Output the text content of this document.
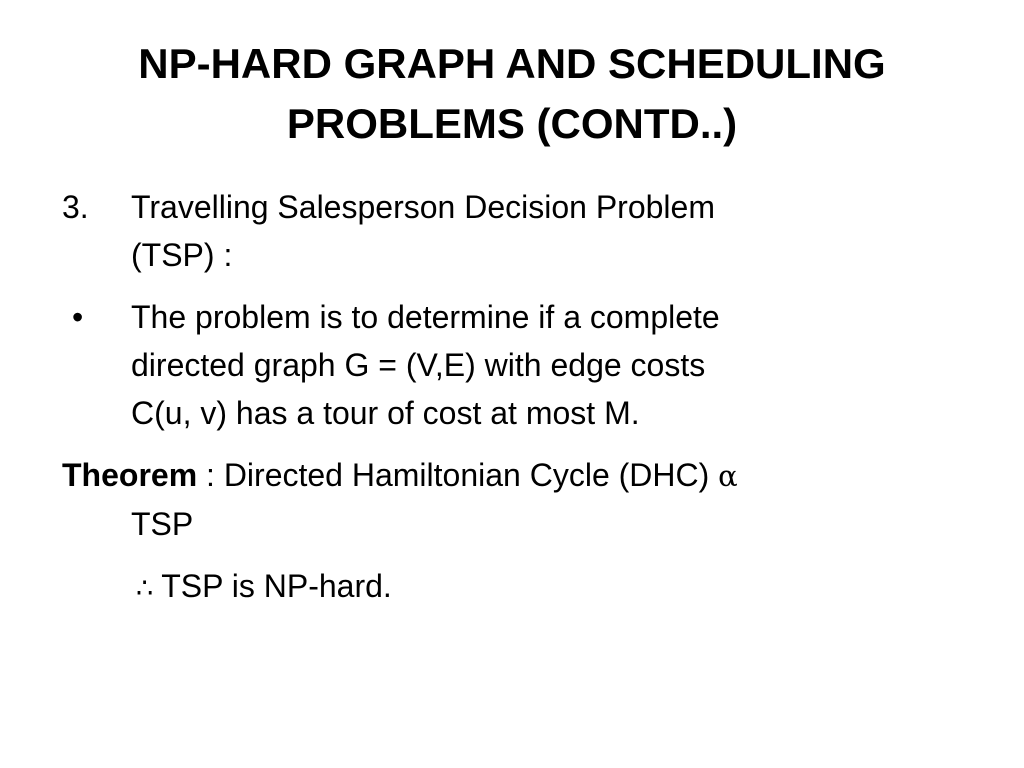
NP-HARD GRAPH AND SCHEDULING
PROBLEMS (CONTD..)

3. Travelling Salesperson Decision Problem
(TSP) :

• The problem is to determine if a complete
directed graph G = (V,E) with edge costs
C(u, v) has a tour of cost at most M.

Theorem : Directed Hamiltonian Cycle (DHC) α
TSP

∴ TSP is NP-hard.
